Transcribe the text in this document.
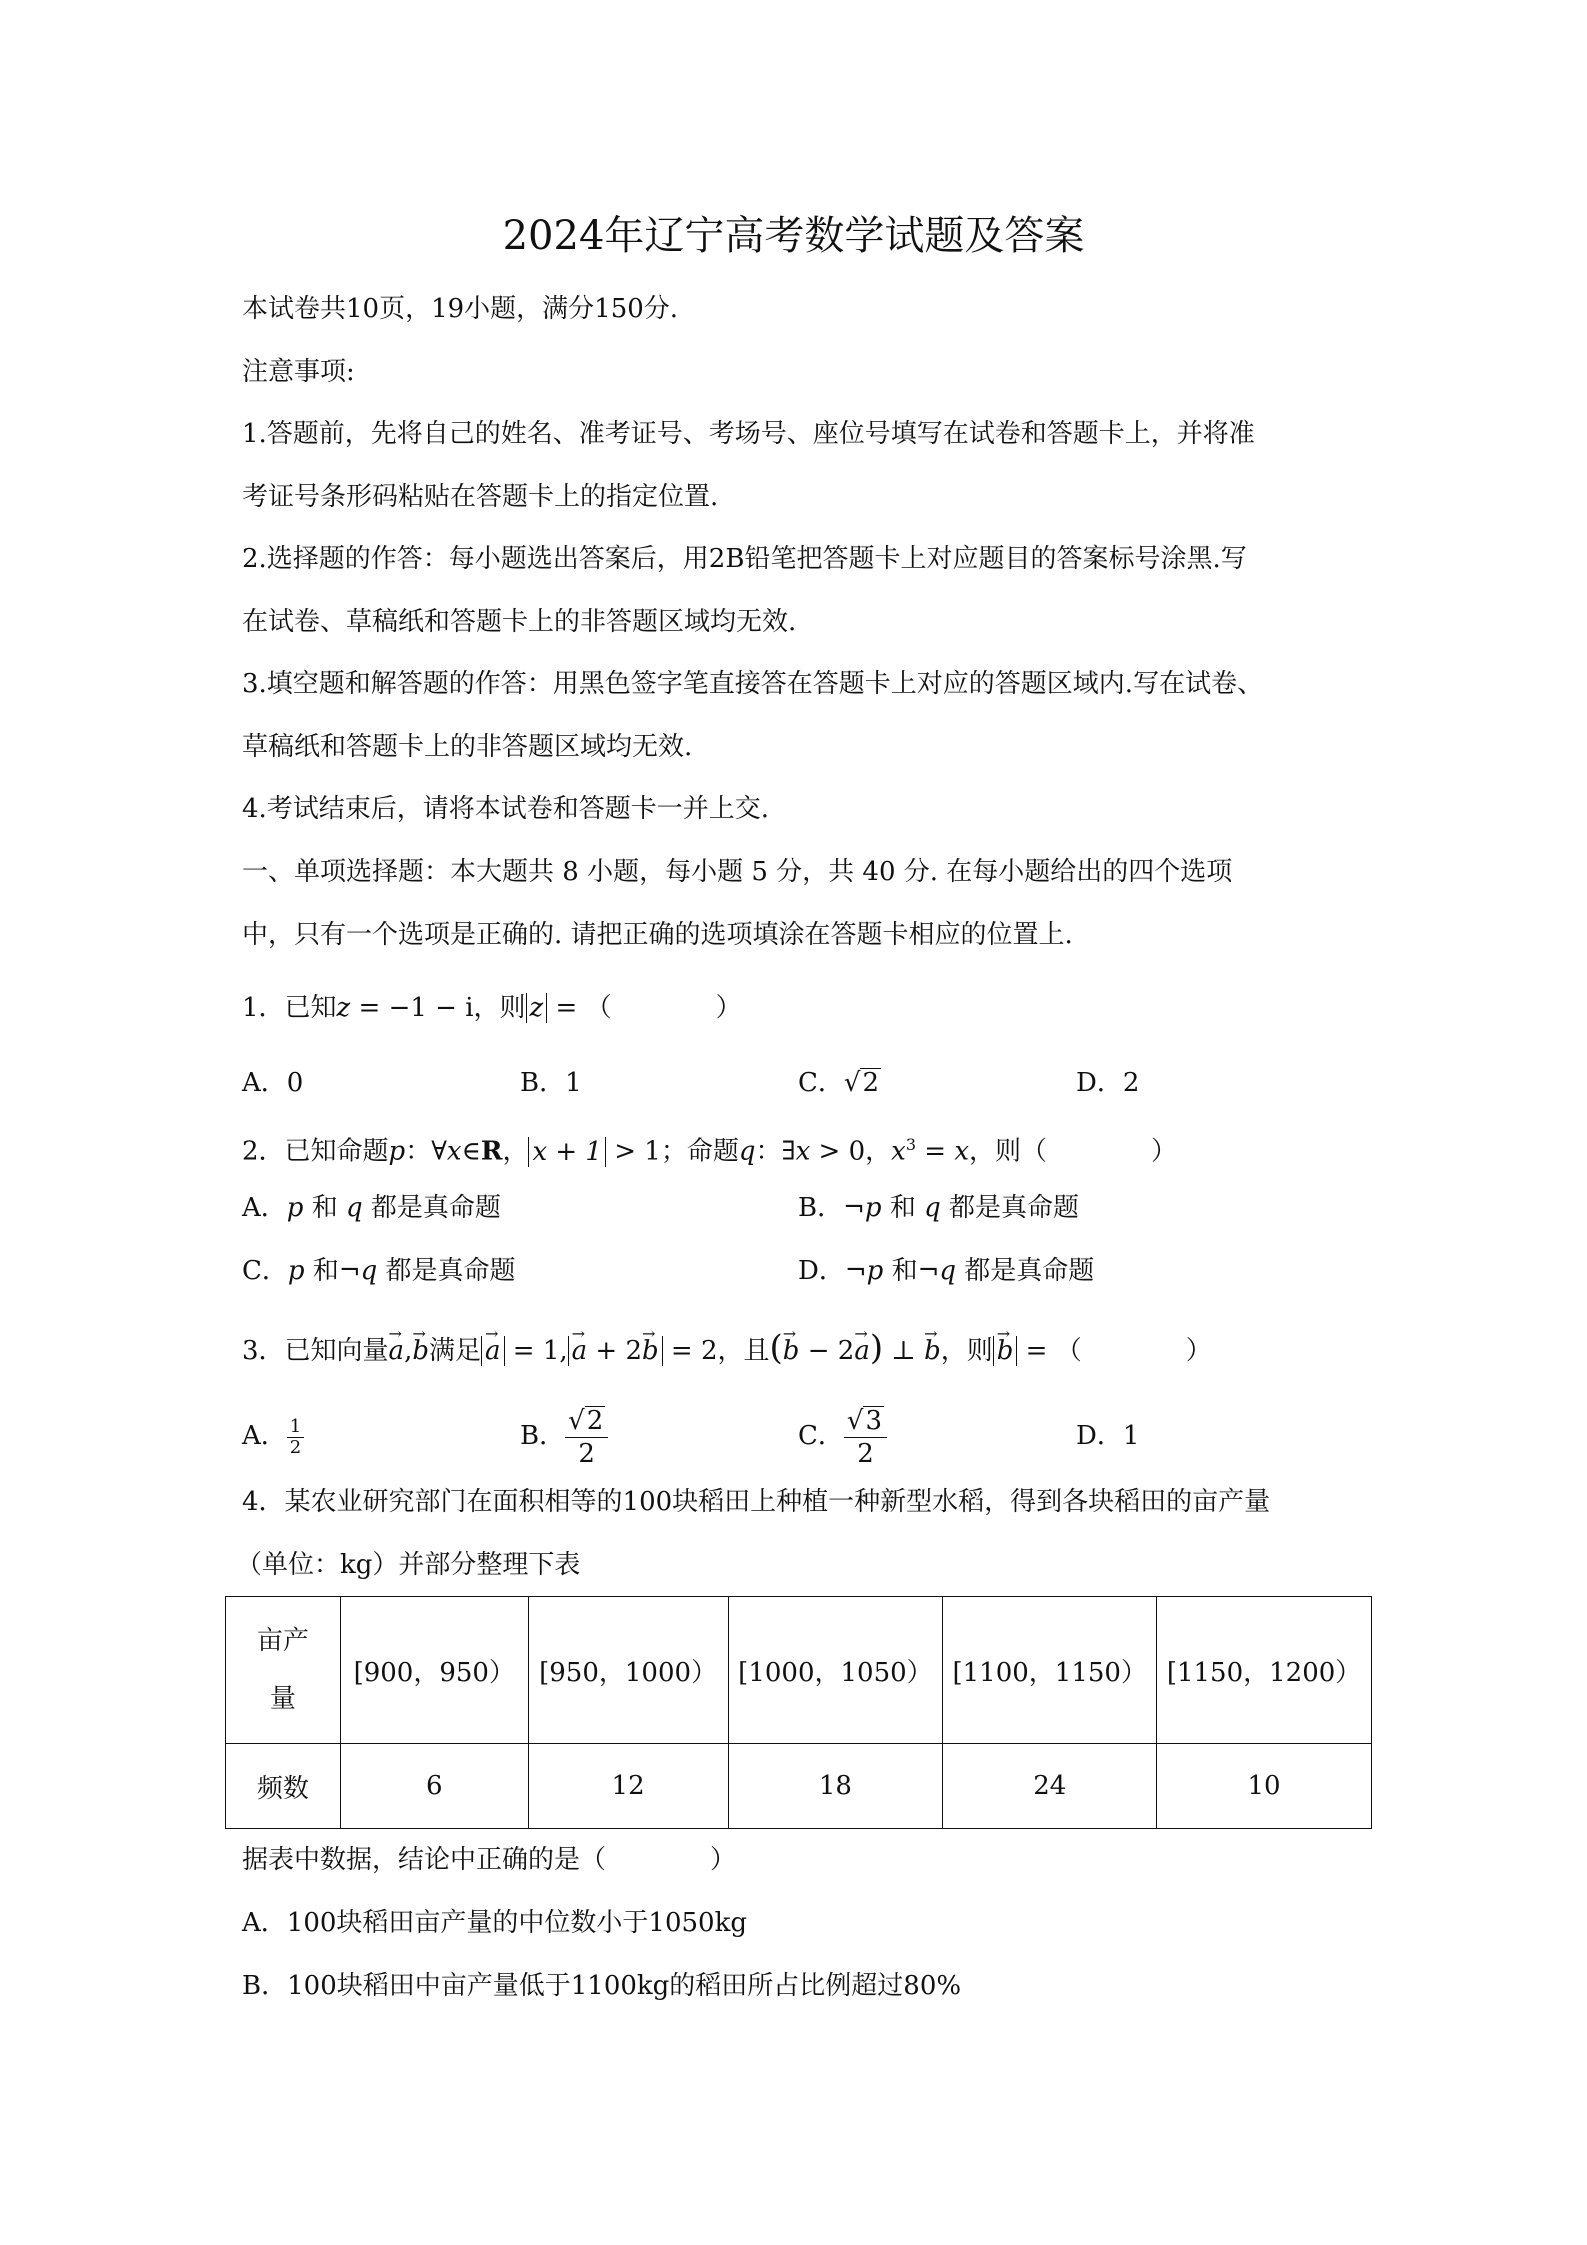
2024年辽宁高考数学试题及答案
本试卷共10页，19小题，满分150分.
注意事项:
1.答题前，先将自己的姓名、准考证号、考场号、座位号填写在试卷和答题卡上，并将准
考证号条形码粘贴在答题卡上的指定位置.
2.选择题的作答：每小题选出答案后，用2B铅笔把答题卡上对应题目的答案标号涂黑.写
在试卷、草稿纸和答题卡上的非答题区域均无效.
3.填空题和解答题的作答：用黑色签字笔直接答在答题卡上对应的答题区域内.写在试卷、
草稿纸和答题卡上的非答题区域均无效.
4.考试结束后，请将本试卷和答题卡一并上交.
一、单项选择题：本大题共 8 小题，每小题 5 分，共 40 分. 在每小题给出的四个选项
中，只有一个选项是正确的. 请把正确的选项填涂在答题卡相应的位置上.
1．已知z = −1 − i，则 z = （　　　　）
A．0	B．1	C．√2	D．2
2．已知命题p：∀x∈R， x + 1 > 1；命题q：∃x > 0，$x^3 = x$，则（　　　　）
A．p 和 q 都是真命题	B．¬p 和 q 都是真命题
C．p 和¬q 都是真命题	D．¬p 和¬q 都是真命题
3．已知向量→ a,→ b满足 → a = 1, → a + 2→ b = 2，且(→ b − 2→ a) ⊥ → b，则 → b = （　　　　）
A． $\frac{1}{2}$	B． $\frac{√2}{2}$	C． $\frac{√3}{2}$	D．1
4．某农业研究部门在面积相等的100块稻田上种植一种新型水稻，得到各块稻田的亩产量
（单位：kg）并部分整理下表
亩产
量	[900，950）	[950，1000）	[1000，1050）	[1100，1150）	[1150，1200）
频数	6	12	18	24	10
据表中数据，结论中正确的是（　　　　）
A．100块稻田亩产量的中位数小于1050kg
B．100块稻田中亩产量低于1100kg的稻田所占比例超过80%
